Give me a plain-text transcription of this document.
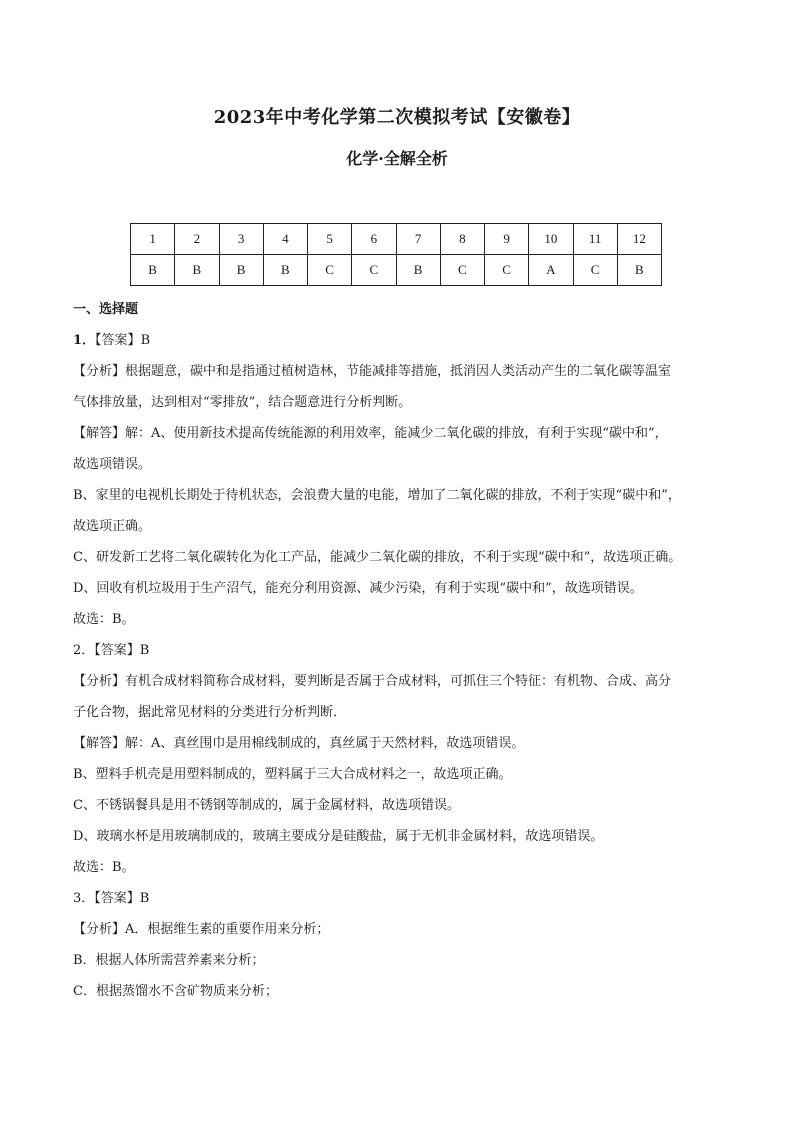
2023年中考化学第二次模拟考试【安徽卷】
化学·全解全析
1	2	3	4	5	6	7	8	9	10	11	12
B	B	B	B	C	C	B	C	C	A	C	B
一、选择题
1．【答案】B
【分析】根据题意，碳中和是指通过植树造林，节能减排等措施，抵消因人类活动产生的二氧化碳等温室
气体排放量，达到相对“零排放”，结合题意进行分析判断。
【解答】解：A、使用新技术提高传统能源的利用效率，能减少二氧化碳的排放，有利于实现“碳中和”，
故选项错误。
B、家里的电视机长期处于待机状态，会浪费大量的电能，增加了二氧化碳的排放，不利于实现“碳中和”，
故选项正确。
C、研发新工艺将二氧化碳转化为化工产品，能减少二氧化碳的排放，不利于实现“碳中和”，故选项正确。
D、回收有机垃圾用于生产沼气，能充分利用资源、减少污染，有利于实现“碳中和”，故选项错误。
故选：B。
2．【答案】B
【分析】有机合成材料简称合成材料，要判断是否属于合成材料，可抓住三个特征：有机物、合成、高分
子化合物，据此常见材料的分类进行分析判断．
【解答】解：A、真丝围巾是用棉线制成的，真丝属于天然材料，故选项错误。
B、塑料手机壳是用塑料制成的，塑料属于三大合成材料之一，故选项正确。
C、不锈锅餐具是用不锈钢等制成的，属于金属材料，故选项错误。
D、玻璃水杯是用玻璃制成的，玻璃主要成分是硅酸盐，属于无机非金属材料，故选项错误。
故选：B。
3．【答案】B
【分析】A．根据维生素的重要作用来分析；
B．根据人体所需营养素来分析；
C．根据蒸馏水不含矿物质来分析；
